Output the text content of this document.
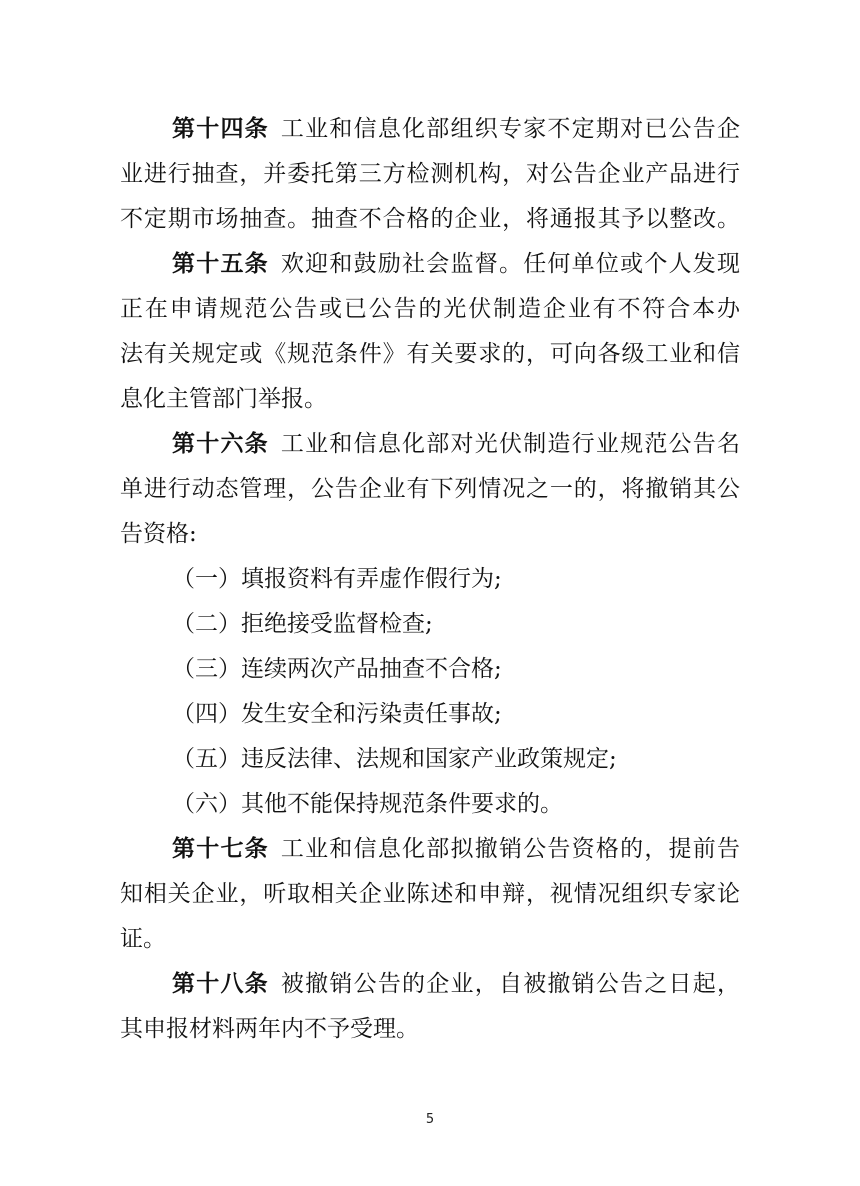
第十四条 工业和信息化部组织专家不定期对已公告企
业进行抽查，并委托第三方检测机构，对公告企业产品进行
不定期市场抽查。抽查不合格的企业，将通报其予以整改。
第十五条 欢迎和鼓励社会监督。任何单位或个人发现
正在申请规范公告或已公告的光伏制造企业有不符合本办
法有关规定或《规范条件》有关要求的，可向各级工业和信
息化主管部门举报。
第十六条 工业和信息化部对光伏制造行业规范公告名
单进行动态管理，公告企业有下列情况之一的，将撤销其公
告资格:
（一）填报资料有弄虚作假行为;
（二）拒绝接受监督检查;
（三）连续两次产品抽查不合格;
（四）发生安全和污染责任事故;
（五）违反法律、法规和国家产业政策规定;
（六）其他不能保持规范条件要求的。
第十七条 工业和信息化部拟撤销公告资格的，提前告
知相关企业，听取相关企业陈述和申辩，视情况组织专家论
证。
第十八条 被撤销公告的企业，自被撤销公告之日起，
其申报材料两年内不予受理。
5
